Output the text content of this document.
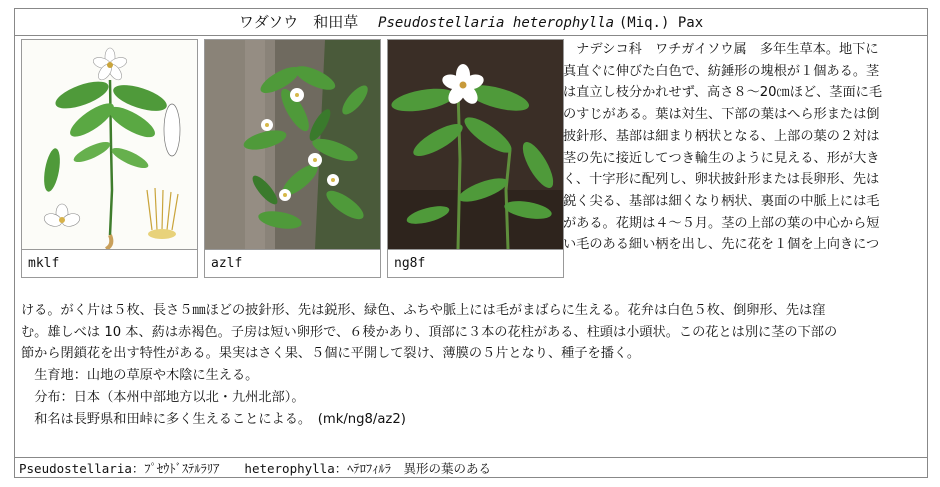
ワダソウ　和田草　 Pseudostellaria heterophylla (Miq.) Pax
mklf	azlf	ng8f

　ナデシコ科　ワチガイソウ属　多年生草本。地下に

真直ぐに伸びた白色で、紡錘形の塊根が１個ある。茎

は直立し枝分かれせず、高さ８～20㎝ほど、茎面に毛

のすじがある。葉は対生、下部の葉はへら形または倒

披針形、基部は細まり柄状となる、上部の葉の２対は

茎の先に接近してつき輪生のように見える、形が大き

く、十字形に配列し、卵状披針形または長卵形、先は

鋭く尖る、基部は細くなり柄状、裏面の中脈上には毛

がある。花期は４～５月。茎の上部の葉の中心から短

い毛のある細い柄を出し、先に花を１個を上向きにつ

ける。がく片は５枚、長さ５㎜ほどの披針形、先は鋭形、緑色、ふちや脈上には毛がまばらに生える。花弁は白色５枚、倒卵形、先は窪

む。雄しべは 10 本、葯は赤褐色。子房は短い卵形で、６稜かあり、頂部に３本の花柱がある、柱頭は小頭状。この花とは別に茎の下部の

節から閉鎖花を出す特性がある。果実はさく果、５個に平開して裂け、薄膜の５片となり、種子を播く。

生育地：山地の草原や木陰に生える。

分布：日本（本州中部地方以北・九州北部）。

和名は長野県和田峠に多く生えることによる。　(mk/ng8/az2)

Pseudostellaria：ﾌﾟｾｳﾄﾞｽﾃﾙﾗﾘｱ　　 heterophylla：ﾍﾃﾛﾌｨﾙﾗ　異形の葉のある
